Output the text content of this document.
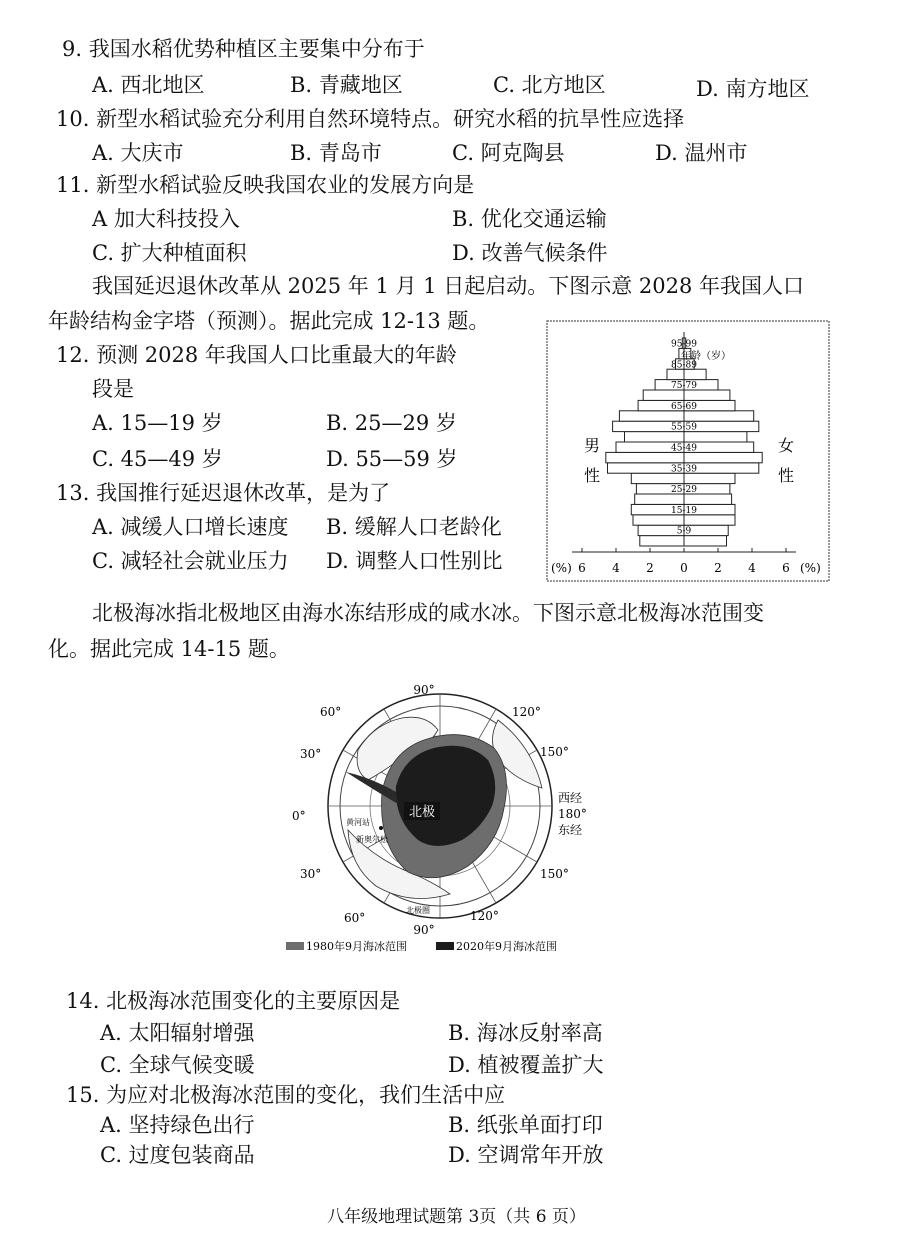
9. 我国水稻优势种植区主要集中分布于
A. 西北地区	B. 青藏地区	C. 北方地区	D. 南方地区
10. 新型水稻试验充分利用自然环境特点。研究水稻的抗旱性应选择
A. 大庆市	B. 青岛市	C. 阿克陶县	D. 温州市
11. 新型水稻试验反映我国农业的发展方向是
A 加大科技投入	B. 优化交通运输
C. 扩大种植面积	D. 改善气候条件
我国延迟退休改革从 2025 年 1 月 1 日起启动。下图示意 2028 年我国人口
年龄结构金字塔（预测）。据此完成 12-13 题。
12. 预测 2028 年我国人口比重最大的年龄
段是
A. 15—19 岁	B. 25—29 岁
C. 45—49 岁	D. 55—59 岁
13. 我国推行延迟退休改革，是为了
A. 减缓人口增长速度 B. 缓解人口老龄化
C. 减轻社会就业压力 D. 调整人口性别比
5-9
15-19
25-29
35-39
45-49
55-59
65-69
75-79
85-89
95-99
6 4 2 0 2 4 6
年龄（岁）
男
性
女
性
(%)	(%)
北极海冰指北极地区由海水冻结形成的咸水冰。下图示意北极海冰范围变
化。据此完成 14-15 题。
北极
90°
90°
0°
60°
30°
30°
60°
120°
150°
150°
120°
西经
180°
东经
黄河站
新奥尔松
北极圈
1980年9月海冰范围	2020年9月海冰范围
14. 北极海冰范围变化的主要原因是
A. 太阳辐射增强	B. 海冰反射率高
C. 全球气候变暖	D. 植被覆盖扩大
15. 为应对北极海冰范围的变化，我们生活中应
A. 坚持绿色出行	B. 纸张单面打印
C. 过度包装商品	D. 空调常年开放
八年级地理试题第 3页（共 6 页）
